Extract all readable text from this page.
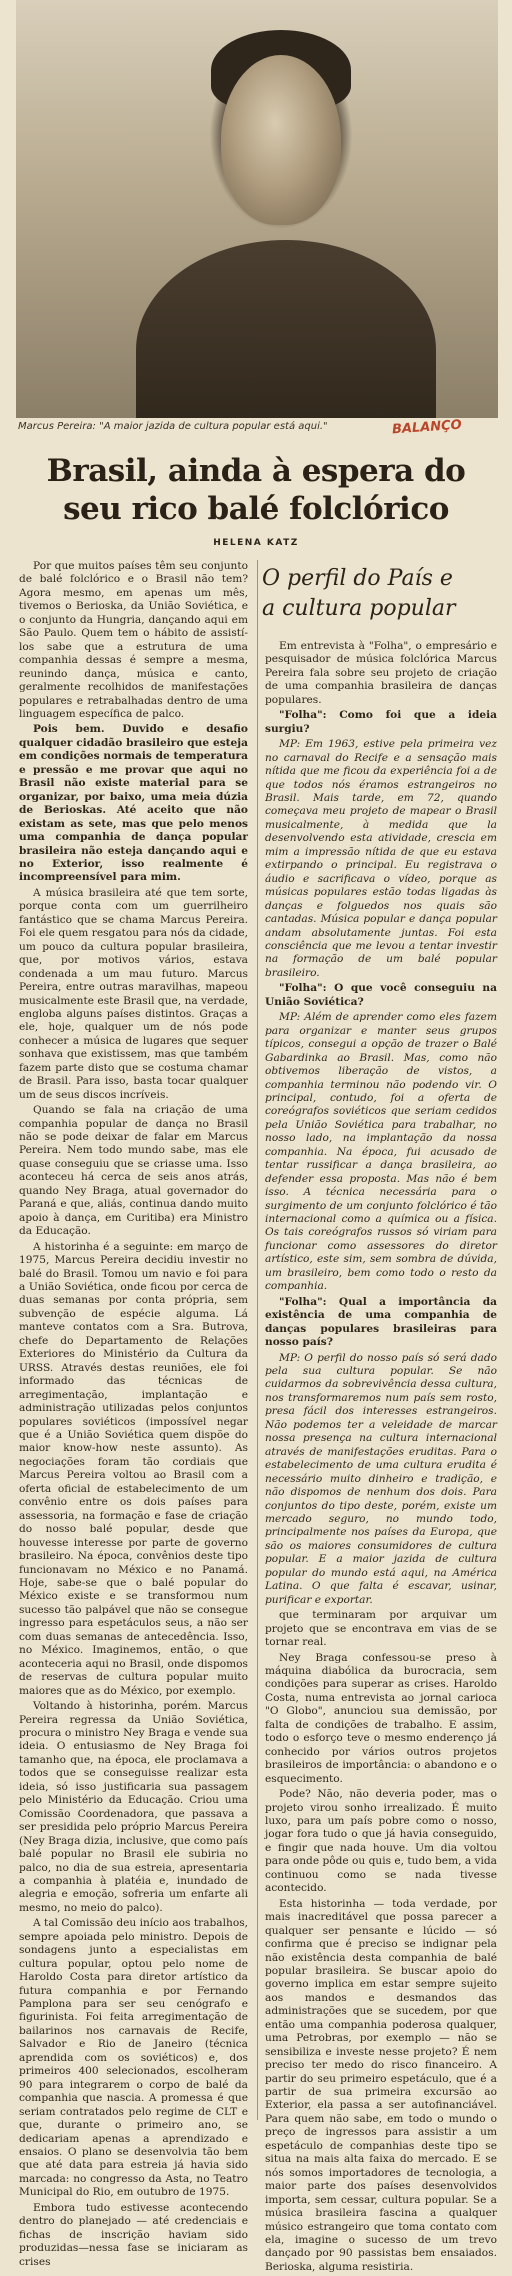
Marcus Pereira: "A maior jazida de cultura popular está aqui."	BALANÇO
Brasil, ainda à espera do
seu rico balé folclórico
HELENA KATZ

Por que muitos países têm seu conjunto de balé folclórico e o Brasil não tem? Agora mesmo, em apenas um mês, tivemos o Berioska, da União Soviética, e o conjunto da Hungria, dançando aqui em São Paulo. Quem tem o hábito de assistí-los sabe que a estrutura de uma companhia dessas é sempre a mesma, reunindo dança, música e canto, geralmente recolhidos de manifestações populares e retrabalhadas dentro de uma linguagem específica de palco.

Pois bem. Duvido e desafio qualquer cidadão brasileiro que esteja em condições normais de temperatura e pressão e me provar que aqui no Brasil não existe material para se organizar, por baixo, uma meia dúzia de Berioskas. Até aceito que não existam as sete, mas que pelo menos uma companhia de dança popular brasileira não esteja dançando aqui e no Exterior, isso realmente é incompreensível para mim.

A música brasileira até que tem sorte, porque conta com um guerrilheiro fantástico que se chama Marcus Pereira. Foi ele quem resgatou para nós da cidade, um pouco da cultura popular brasileira, que, por motivos vários, estava condenada a um mau futuro. Marcus Pereira, entre outras maravilhas, mapeou musicalmente este Brasil que, na verdade, engloba alguns países distintos. Graças a ele, hoje, qualquer um de nós pode conhecer a música de lugares que sequer sonhava que existissem, mas que também fazem parte disto que se costuma chamar de Brasil. Para isso, basta tocar qualquer um de seus discos incríveis.

Quando se fala na criação de uma companhia popular de dança no Brasil não se pode deixar de falar em Marcus Pereira. Nem todo mundo sabe, mas ele quase conseguiu que se criasse uma. Isso aconteceu há cerca de seis anos atrás, quando Ney Braga, atual governador do Paraná e que, aliás, continua dando muito apoio à dança, em Curitiba) era Ministro da Educação.

A historinha é a seguinte: em março de 1975, Marcus Pereira decidiu investir no balé do Brasil. Tomou um navio e foi para a União Soviética, onde ficou por cerca de duas semanas por conta própria, sem subvenção de espécie alguma. Lá manteve contatos com a Sra. Butrova, chefe do Departamento de Relações Exteriores do Ministério da Cultura da URSS. Através destas reuniões, ele foi informado das técnicas de arregimentação, implantação e administração utilizadas pelos conjuntos populares soviéticos (impossível negar que é a União Soviética quem dispõe do maior know-how neste assunto). As negociações foram tão cordiais que Marcus Pereira voltou ao Brasil com a oferta oficial de estabelecimento de um convênio entre os dois países para assessoria, na formação e fase de criação do nosso balé popular, desde que houvesse interesse por parte de governo brasileiro. Na época, convênios deste tipo funcionavam no México e no Panamá. Hoje, sabe-se que o balé popular do México existe e se transformou num sucesso tão palpável que não se consegue ingresso para espetáculos seus, a não ser com duas semanas de antecedência. Isso, no México. Imaginemos, então, o que aconteceria aqui no Brasil, onde dispomos de reservas de cultura popular muito maiores que as do México, por exemplo.

Voltando à historinha, porém. Marcus Pereira regressa da União Soviética, procura o ministro Ney Braga e vende sua ideia. O entusiasmo de Ney Braga foi tamanho que, na época, ele proclamava a todos que se conseguisse realizar esta ideia, só isso justificaria sua passagem pelo Ministério da Educação. Criou uma Comissão Coordenadora, que passava a ser presidida pelo próprio Marcus Pereira (Ney Braga dizia, inclusive, que como país balé popular no Brasil ele subiria no palco, no dia de sua estreia, apresentaria a companhia à platéia e, inundado de alegria e emoção, sofreria um enfarte ali mesmo, no meio do palco).

A tal Comissão deu início aos trabalhos, sempre apoiada pelo ministro. Depois de sondagens junto a especialistas em cultura popular, optou pelo nome de Haroldo Costa para diretor artístico da futura companhia e por Fernando Pamplona para ser seu cenógrafo e figurinista. Foi feita arregimentação de bailarinos nos carnavais de Recife, Salvador e Rio de Janeiro (técnica aprendida com os soviéticos) e, dos primeiros 400 selecionados, escolheram 90 para integrarem o corpo de balé da companhia que nascia. A promessa é que seriam contratados pelo regime de CLT e que, durante o primeiro ano, se dedicariam apenas a aprendizado e ensaios. O plano se desenvolvia tão bem que até data para estreia já havia sido marcada: no congresso da Asta, no Teatro Municipal do Rio, em outubro de 1975.

Embora tudo estivesse acontecendo dentro do planejado — até credenciais e fichas de inscrição haviam sido produzidas—nessa fase se iniciaram as crises

O perfil do País e
a cultura popular

Em entrevista à "Folha", o empresário e pesquisador de música folclórica Marcus Pereira fala sobre seu projeto de criação de uma companhia brasileira de danças populares.

"Folha": Como foi que a ideia surgiu?

MP: Em 1963, estive pela primeira vez no carnaval do Recife e a sensação mais nítida que me ficou da experiência foi a de que todos nós éramos estrangeiros no Brasil. Mais tarde, em 72, quando começava meu projeto de mapear o Brasil musicalmente, à medida que la desenvolvendo esta atividade, crescia em mim a impressão nítida de que eu estava extirpando o principal. Eu registrava o áudio e sacrificava o vídeo, porque as músicas populares estão todas ligadas às danças e folguedos nos quais são cantadas. Música popular e dança popular andam absolutamente juntas. Foi esta consciência que me levou a tentar investir na formação de um balé popular brasileiro.

"Folha": O que você conseguiu na União Soviética?

MP: Além de aprender como eles fazem para organizar e manter seus grupos típicos, consegui a opção de trazer o Balé Gabardinka ao Brasil. Mas, como não obtivemos liberação de vistos, a companhia terminou não podendo vir. O principal, contudo, foi a oferta de coreógrafos soviéticos que seriam cedidos pela União Soviética para trabalhar, no nosso lado, na implantação da nossa companhia. Na época, fui acusado de tentar russificar a dança brasileira, ao defender essa proposta. Mas não é bem isso. A técnica necessária para o surgimento de um conjunto folclórico é tão internacional como a química ou a física. Os tais coreógrafos russos só viriam para funcionar como assessores do diretor artístico, este sim, sem sombra de dúvida, um brasileiro, bem como todo o resto da companhia.

"Folha": Qual a importância da existência de uma companhia de danças populares brasileiras para nosso país?

MP: O perfil do nosso país só será dado pela sua cultura popular. Se não cuidarmos da sobrevivência dessa cultura, nos transformaremos num país sem rosto, presa fácil dos interesses estrangeiros. Não podemos ter a veleidade de marcar nossa presença na cultura internacional através de manifestações eruditas. Para o estabelecimento de uma cultura erudita é necessário muito dinheiro e tradição, e não dispomos de nenhum dos dois. Para conjuntos do tipo deste, porém, existe um mercado seguro, no mundo todo, principalmente nos países da Europa, que são os maiores consumidores de cultura popular. E a maior jazida de cultura popular do mundo está aqui, na América Latina. O que falta é escavar, usinar, purificar e exportar.

que terminaram por arquivar um projeto que se encontrava em vias de se tornar real.

Ney Braga confessou-se preso à máquina diabólica da burocracia, sem condições para superar as crises. Haroldo Costa, numa entrevista ao jornal carioca "O Globo", anunciou sua demissão, por falta de condições de trabalho. E assim, todo o esforço teve o mesmo enderenço já conhecido por vários outros projetos brasileiros de importância: o abandono e o esquecimento.

Pode? Não, não deveria poder, mas o projeto virou sonho irrealizado. É muito luxo, para um país pobre como o nosso, jogar fora tudo o que já havia conseguido, e fingir que nada houve. Um dia voltou para onde pôde ou quis e, tudo bem, a vida continuou como se nada tivesse acontecido.

Esta historinha — toda verdade, por mais inacreditável que possa parecer a qualquer ser pensante e lúcido — só confirma que é preciso se indignar pela não existência desta companhia de balé popular brasileira. Se buscar apoio do governo implica em estar sempre sujeito aos mandos e desmandos das administrações que se sucedem, por que então uma companhia poderosa qualquer, uma Petrobras, por exemplo — não se sensibiliza e investe nesse projeto? É nem preciso ter medo do risco financeiro. A partir do seu primeiro espetáculo, que é a partir de sua primeira excursão ao Exterior, ela passa a ser autofinanciável. Para quem não sabe, em todo o mundo o preço de ingressos para assistir a um espetáculo de companhias deste tipo se situa na mais alta faixa do mercado. E se nós somos importadores de tecnologia, a maior parte dos países desenvolvidos importa, sem cessar, cultura popular. Se a música brasileira fascina a qualquer músico estrangeiro que toma contato com ela, imagine o sucesso de um trevo dançado por 90 passistas bem ensaiados. Berioska, alguma resistiria.
